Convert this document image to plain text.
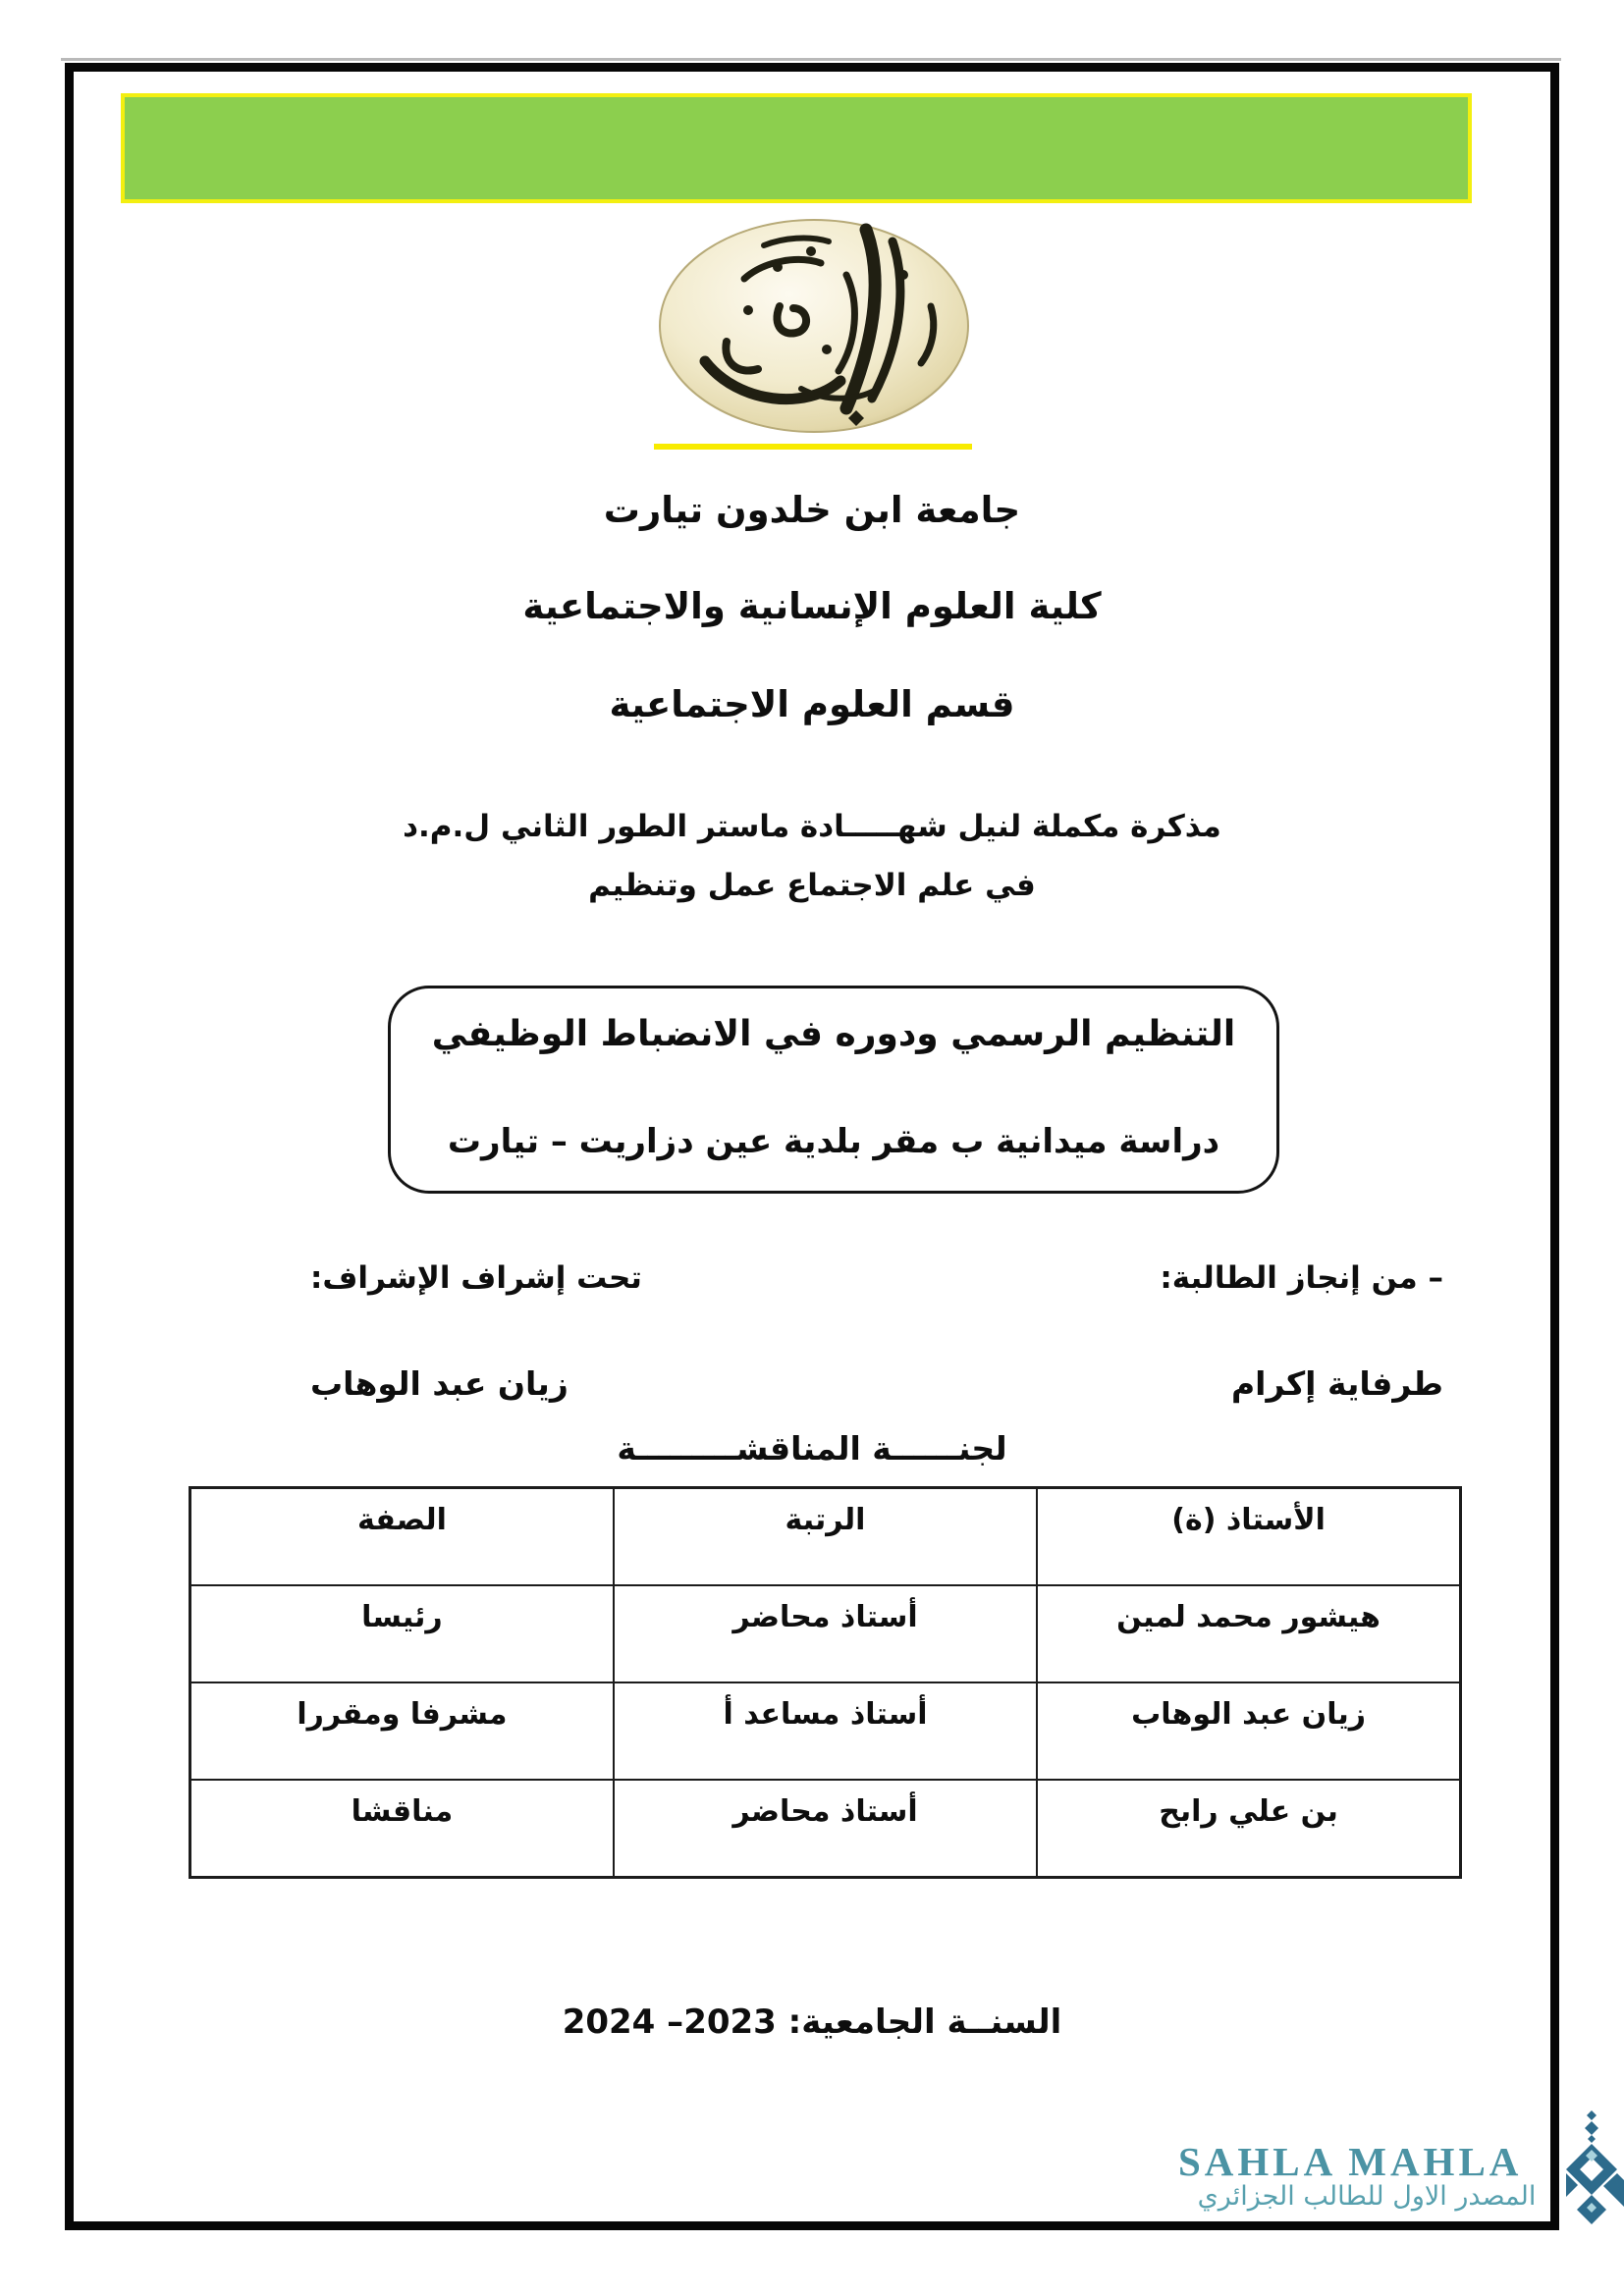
جامعة ابن خلدون تيارت
كلية العلوم الإنسانية والاجتماعية
قسم العلوم الاجتماعية
مذكرة مكملة لنيل شهـــــادة ماستر الطور الثاني ل.م.د
في علم الاجتماع عمل وتنظيم
التنظيم الرسمي ودوره في الانضباط الوظيفي
دراسة ميدانية ب مقر بلدية عين دزاريت – تيارت
– من إنجاز الطالبة:
تحت إشراف الإشراف:
طرفاية إكرام
زيان عبد الوهاب
لجنــــــة المناقشـــــــــة
الأستاذ (ة)	الرتبة	الصفة
هيشور محمد لمين	أستاذ محاضر	رئيسا
زيان عبد الوهاب	أستاذ مساعد أ	مشرفا ومقررا
بن علي رابح	أستاذ محاضر	مناقشا
السنــة الجامعية: 2023– 2024
SAHLA MAHLA
المصدر الاول للطالب الجزائري
